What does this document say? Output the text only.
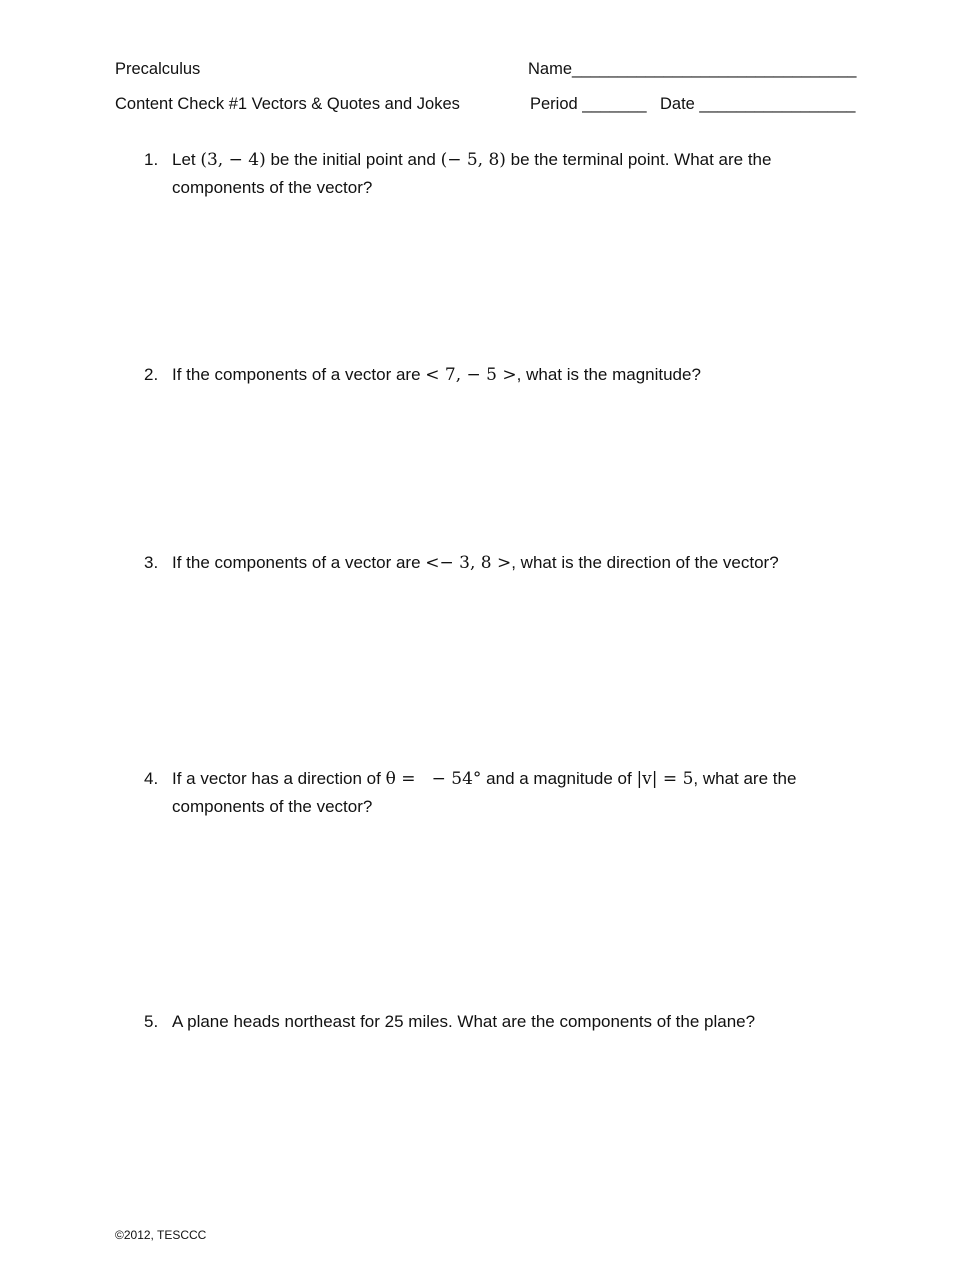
Precalculus	Name_______________________________
Content Check #1 Vectors & Quotes and Jokes	Period _______ Date _________________
1. Let (3, − 4) be the initial point and (− 5, 8) be the terminal point. What are the components of the vector?
2. If the components of a vector are < 7, − 5 >, what is the magnitude?
3. If the components of a vector are <− 3, 8 >, what is the direction of the vector?
4. If a vector has a direction of θ =   − 54° and a magnitude of |v| = 5, what are the components of the vector?
5. A plane heads northeast for 25 miles. What are the components of the plane?
©2012, TESCCC
